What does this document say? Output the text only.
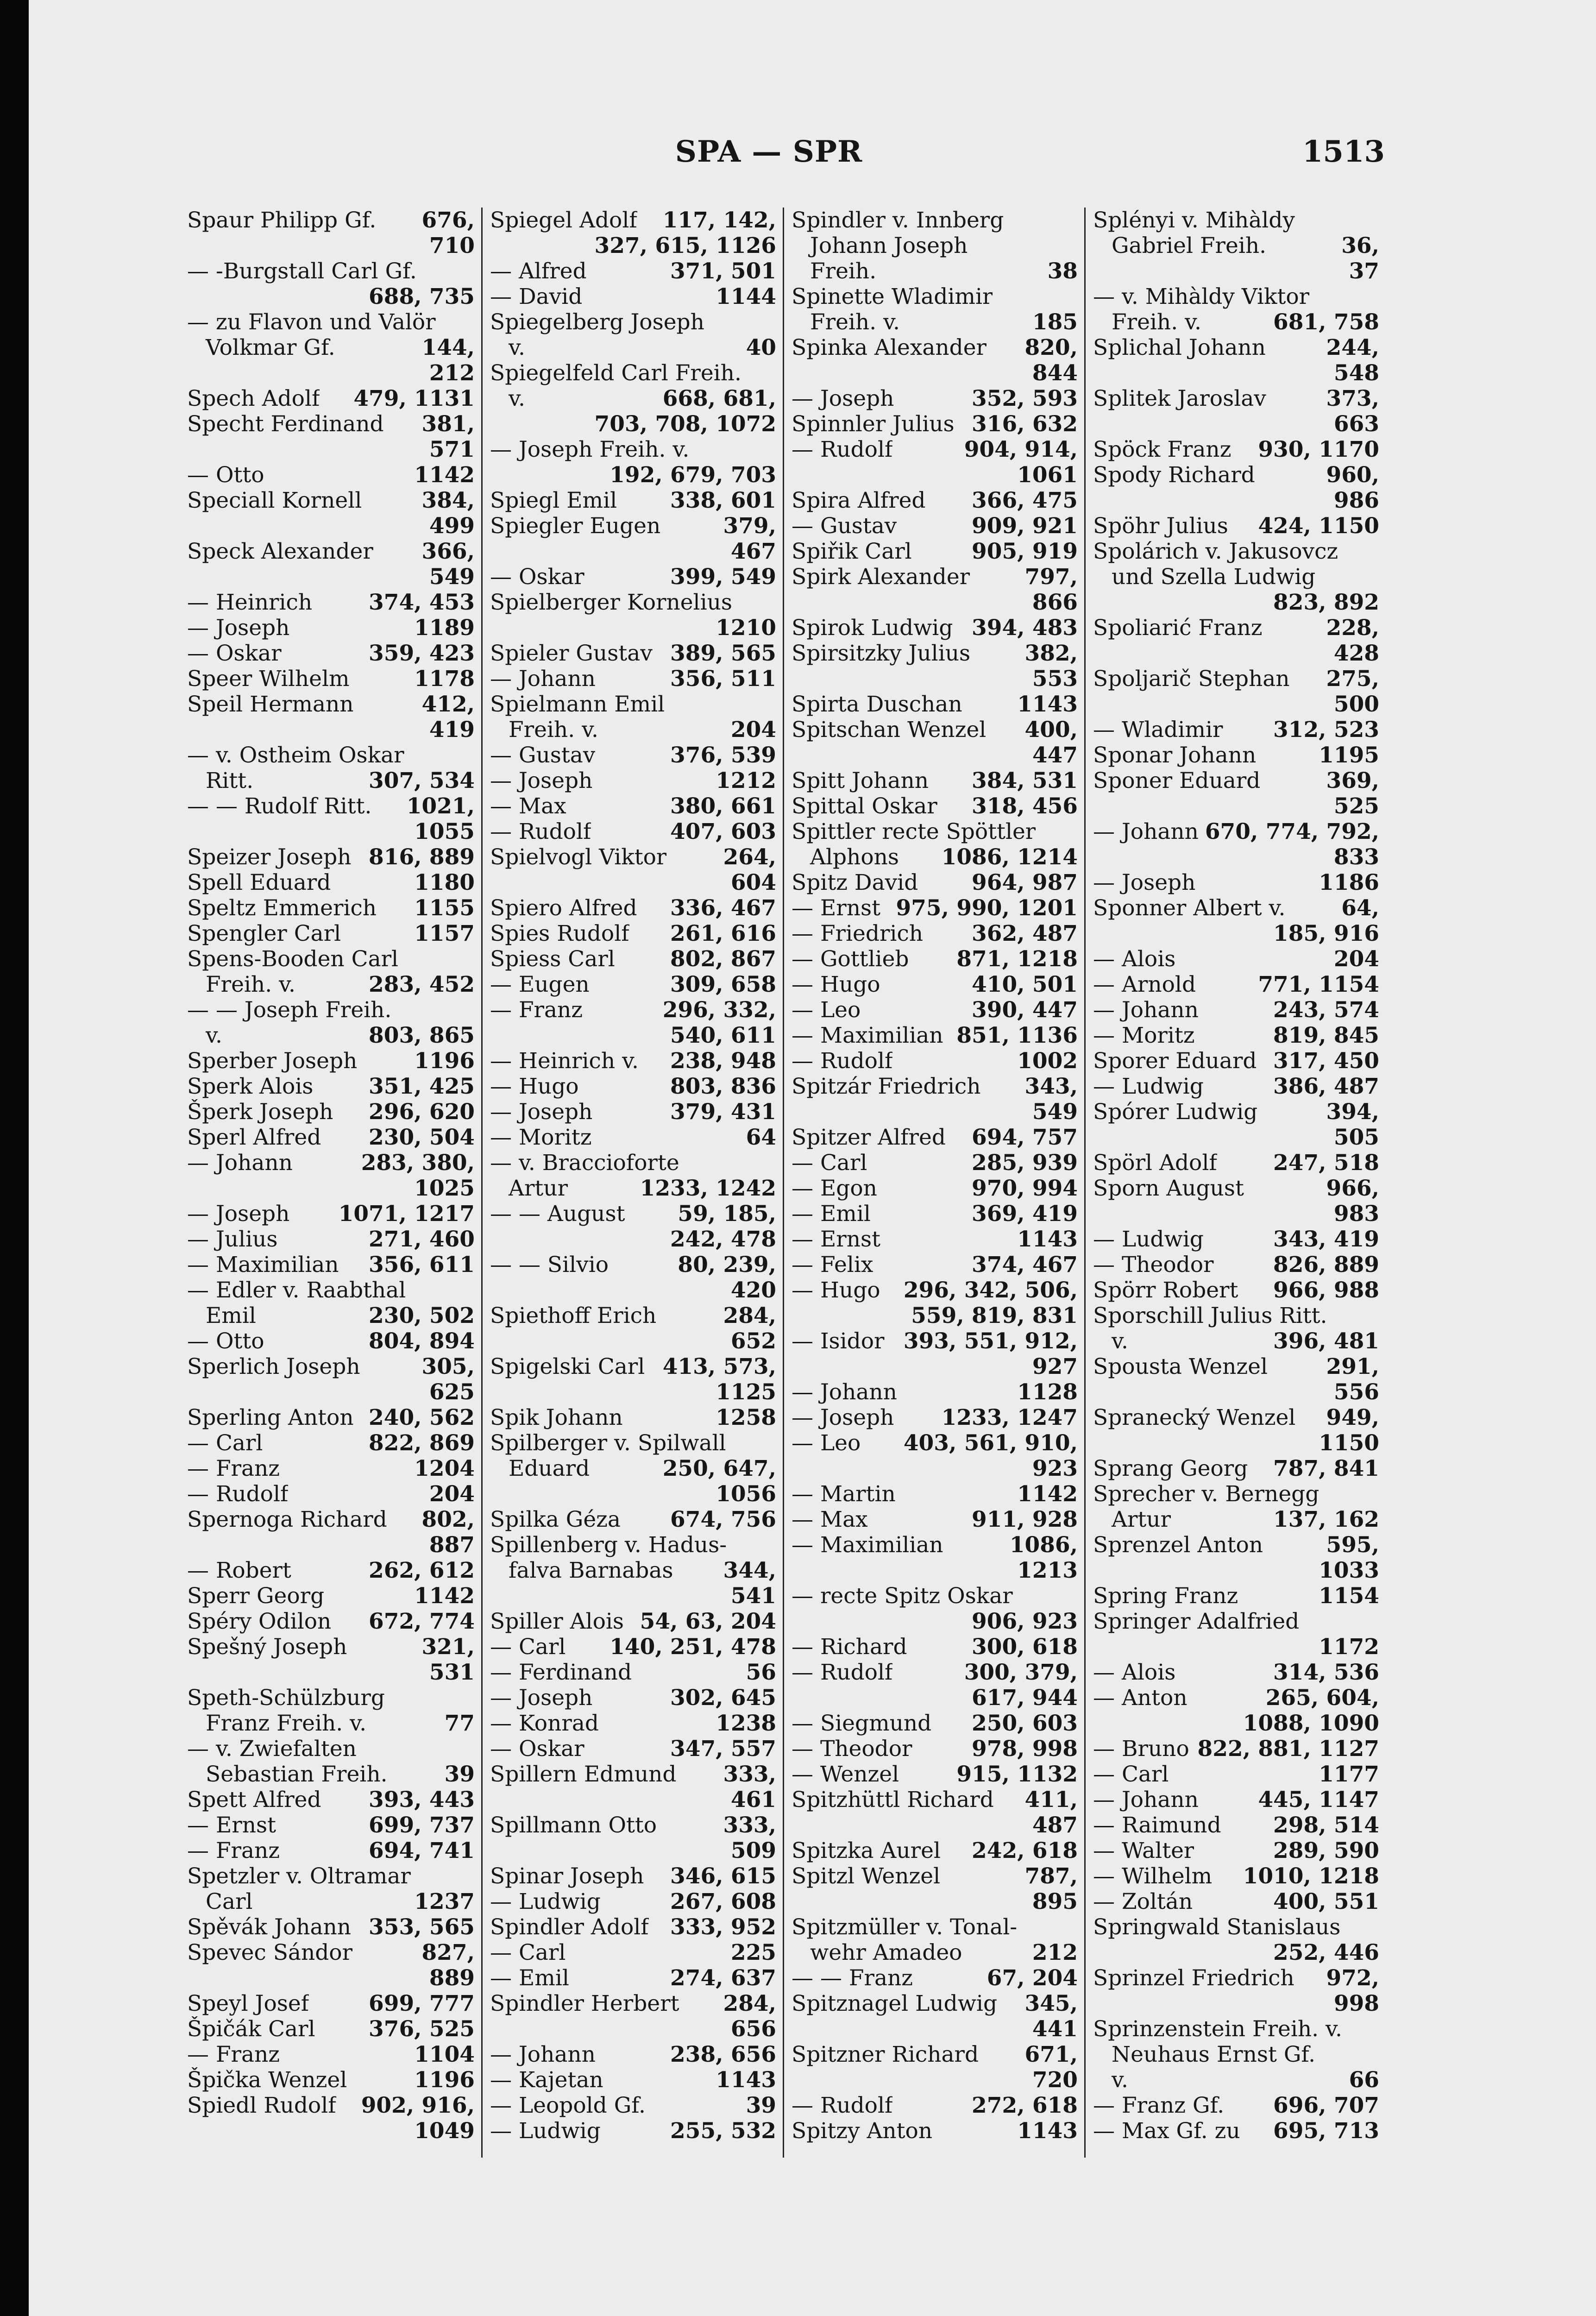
SPA — SPR	1513
Spaur Philipp Gf. 676,
710
— -Burgstall Carl Gf.
688, 735
— zu Flavon und Valör
Volkmar Gf.	144,
212
Spech Adolf 479, 1131
Specht Ferdinand 381,
571
— Otto	1142
Speciall Kornell	384,
499
Speck Alexander 366,
549
— Heinrich	374, 453
— Joseph	1189
— Oskar	359, 423
Speer Wilhelm	1178
Speil Hermann	412,
419
— v. Ostheim Oskar
Ritt.	307, 534
— — Rudolf Ritt. 1021,
1055
Speizer Joseph 816, 889
Spell Eduard	1180
Speltz Emmerich 1155
Spengler Carl	1157
Spens-Booden Carl
Freih. v.	283, 452
— — Joseph Freih.
v.	803, 865
Sperber Joseph	1196
Sperk Alois	351, 425
Šperk Joseph 296, 620
Sperl Alfred 230, 504
— Johann	283, 380,
1025
— Joseph 1071, 1217
— Julius	271, 460
— Maximilian 356, 611
— Edler v. Raabthal
Emil	230, 502
— Otto	804, 894
Sperlich Joseph	305,
625
Sperling Anton 240, 562
— Carl	822, 869
— Franz	1204
— Rudolf	204
Spernoga Richard 802,
887
— Robert	262, 612
Sperr Georg	1142
Spéry Odilon 672, 774
Spešný Joseph	321,
531
Speth-Schülzburg
Franz Freih. v.	77
— v. Zwiefalten
Sebastian Freih.	39
Spett Alfred 393, 443
— Ernst	699, 737
— Franz	694, 741
Spetzler v. Oltramar
Carl	1237
Spěvák Johann 353, 565
Spevec Sándor	827,
889
Speyl Josef	699, 777
Špičák Carl 376, 525
— Franz	1104
Špička Wenzel	1196
Spiedl Rudolf 902, 916,
1049
Spiegel Adolf 117, 142,
327, 615, 1126
— Alfred	371, 501
— David	1144
Spiegelberg Joseph
v.	40
Spiegelfeld Carl Freih.
v.	668, 681,
703, 708, 1072
— Joseph Freih. v.
192, 679, 703
Spiegl Emil 338, 601
Spiegler Eugen	379,
467
— Oskar	399, 549
Spielberger Kornelius
1210
Spieler Gustav 389, 565
— Johann	356, 511
Spielmann Emil
Freih. v.	204
— Gustav	376, 539
— Joseph	1212
— Max	380, 661
— Rudolf	407, 603
Spielvogl Viktor	264,
604
Spiero Alfred 336, 467
Spies Rudolf 261, 616
Spiess Carl	802, 867
— Eugen	309, 658
— Franz	296, 332,
540, 611
— Heinrich v. 238, 948
— Hugo	803, 836
— Joseph	379, 431
— Moritz	64
— v. Braccioforte
Artur	1233, 1242
— — August 59, 185,
242, 478
— — Silvio	80, 239,
420
Spiethoff Erich	284,
652
Spigelski Carl 413, 573,
1125
Spik Johann	1258
Spilberger v. Spilwall
Eduard	250, 647,
1056
Spilka Géza 674, 756
Spillenberg v. Hadus-
falva Barnabas 344,
541
Spiller Alois 54, 63, 204
— Carl 140, 251, 478
— Ferdinand	56
— Joseph	302, 645
— Konrad	1238
— Oskar	347, 557
Spillern Edmund 333,
461
Spillmann Otto	333,
509
Spinar Joseph 346, 615
— Ludwig	267, 608
Spindler Adolf 333, 952
— Carl	225
— Emil	274, 637
Spindler Herbert 284,
656
— Johann	238, 656
— Kajetan	1143
— Leopold Gf.	39
— Ludwig	255, 532
Spindler v. Innberg
Johann Joseph
Freih.	38
Spinette Wladimir
Freih. v.	185
Spinka Alexander 820,
844
— Joseph	352, 593
Spinnler Julius 316, 632
— Rudolf	904, 914,
1061
Spira Alfred 366, 475
— Gustav	909, 921
Spiřik Carl	905, 919
Spirk Alexander	797,
866
Spirok Ludwig 394, 483
Spirsitzky Julius 382,
553
Spirta Duschan	1143
Spitschan Wenzel 400,
447
Spitt Johann 384, 531
Spittal Oskar 318, 456
Spittler recte Spöttler
Alphons 1086, 1214
Spitz David 964, 987
— Ernst 975, 990, 1201
— Friedrich 362, 487
— Gottlieb 871, 1218
— Hugo	410, 501
— Leo	390, 447
— Maximilian 851, 1136
— Rudolf	1002
Spitzár Friedrich 343,
549
Spitzer Alfred 694, 757
— Carl	285, 939
— Egon	970, 994
— Emil	369, 419
— Ernst	1143
— Felix	374, 467
— Hugo 296, 342, 506,
559, 819, 831
— Isidor 393, 551, 912,
927
— Johann	1128
— Joseph 1233, 1247
— Leo 403, 561, 910,
923
— Martin	1142
— Max	911, 928
— Maximilian	1086,
1213
— recte Spitz Oskar
906, 923
— Richard	300, 618
— Rudolf	300, 379,
617, 944
— Siegmund 250, 603
— Theodor	978, 998
— Wenzel	915, 1132
Spitzhüttl Richard 411,
487
Spitzka Aurel 242, 618
Spitzl Wenzel	787,
895
Spitzmüller v. Tonal-
wehr Amadeo	212
— — Franz	67, 204
Spitznagel Ludwig 345,
441
Spitzner Richard 671,
720
— Rudolf	272, 618
Spitzy Anton	1143
Splényi v. Mihàldy
Gabriel Freih.	36,
37
— v. Mihàldy Viktor
Freih. v.	681, 758
Splichal Johann	244,
548
Splitek Jaroslav	373,
663
Spöck Franz 930, 1170
Spody Richard	960,
986
Spöhr Julius 424, 1150
Spolárich v. Jakusovcz
und Szella Ludwig
823, 892
Spoliarić Franz	228,
428
Spoljarič Stephan 275,
500
— Wladimir 312, 523
Sponar Johann	1195
Sponer Eduard	369,
525
— Johann 670, 774, 792,
833
— Joseph	1186
Sponner Albert v.	64,
185, 916
— Alois	204
— Arnold	771, 1154
— Johann	243, 574
— Moritz	819, 845
Sporer Eduard 317, 450
— Ludwig	386, 487
Spórer Ludwig	394,
505
Spörl Adolf	247, 518
Sporn August	966,
983
— Ludwig	343, 419
— Theodor	826, 889
Spörr Robert 966, 988
Sporschill Julius Ritt.
v.	396, 481
Spousta Wenzel	291,
556
Spranecký Wenzel 949,
1150
Sprang Georg 787, 841
Sprecher v. Bernegg
Artur	137, 162
Sprenzel Anton	595,
1033
Spring Franz	1154
Springer Adalfried
1172
— Alois	314, 536
— Anton	265, 604,
1088, 1090
— Bruno 822, 881, 1127
— Carl	1177
— Johann	445, 1147
— Raimund 298, 514
— Walter	289, 590
— Wilhelm 1010, 1218
— Zoltán	400, 551
Springwald Stanislaus
252, 446
Sprinzel Friedrich 972,
998
Sprinzenstein Freih. v.
Neuhaus Ernst Gf.
v.	66
— Franz Gf. 696, 707
— Max Gf. zu 695, 713
